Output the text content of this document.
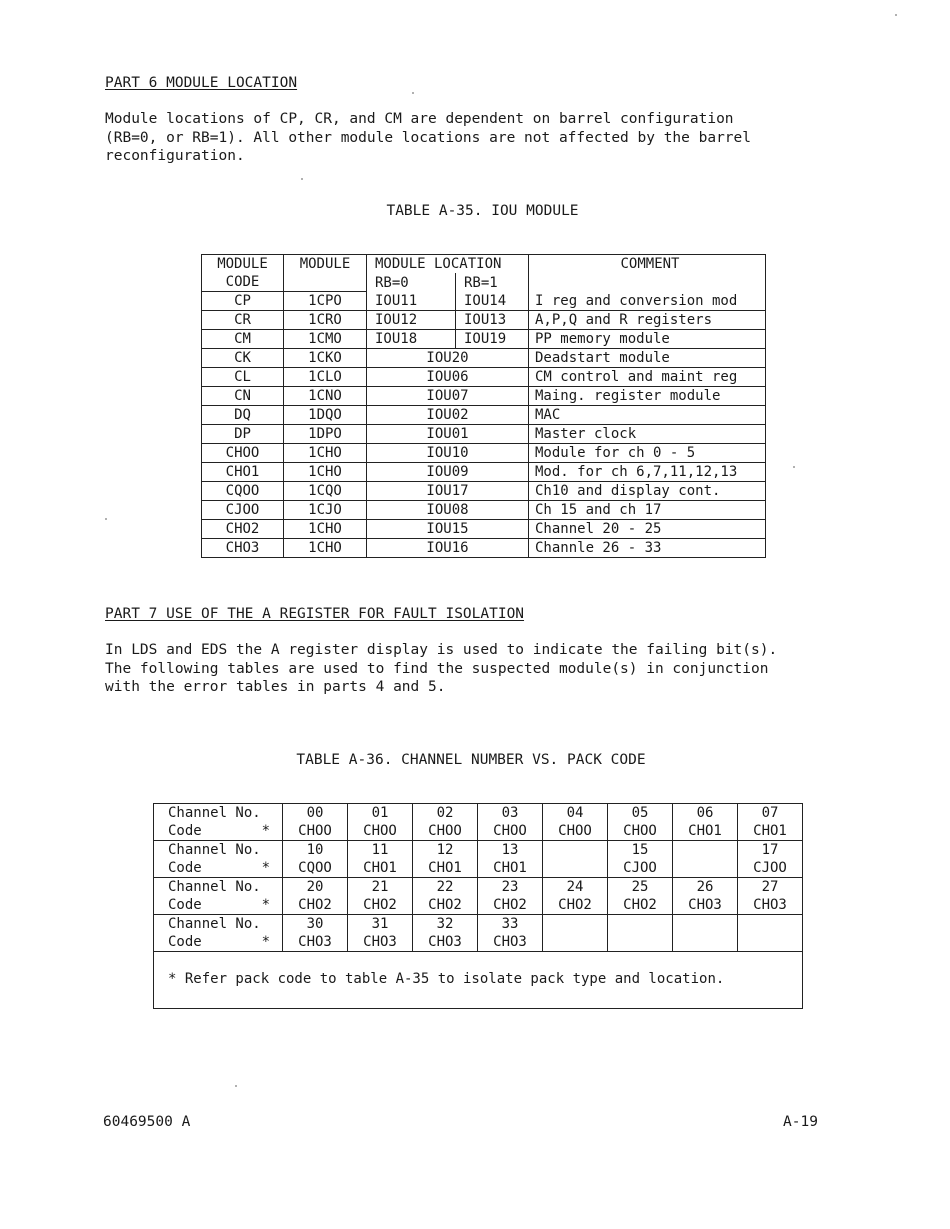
PART 6 MODULE LOCATION

Module locations of CP, CR, and CM are dependent on barrel configuration
(RB=0, or RB=1). All other module locations are not affected by the barrel
reconfiguration.

TABLE A-35. IOU MODULE

MODULE	MODULE	MODULE LOCATION		COMMENT
CODE		RB=0	RB=1	
CP	1CPO	IOU11	IOU14	I reg and conversion mod
CR	1CRO	IOU12	IOU13	A,P,Q and R registers
CM	1CMO	IOU18	IOU19	PP memory module
CK	1CKO	IOU20		Deadstart module
CL	1CLO	IOU06		CM control and maint reg
CN	1CNO	IOU07		Maing. register module
DQ	1DQO	IOU02		MAC
DP	1DPO	IOU01		Master clock
CHOO	1CHO	IOU10		Module for ch 0 - 5
CHO1	1CHO	IOU09		Mod. for ch 6,7,11,12,13
CQOO	1CQO	IOU17		Ch10 and display cont.
CJOO	1CJO	IOU08		Ch 15 and ch 17
CHO2	1CHO	IOU15		Channel 20 - 25
CHO3	1CHO	IOU16		Channle 26 - 33

PART 7 USE OF THE A REGISTER FOR FAULT ISOLATION

In LDS and EDS the A register display is used to indicate the failing bit(s).
The following tables are used to find the suspected module(s) in conjunction
with the error tables in parts 4 and 5.

TABLE A-36. CHANNEL NUMBER VS. PACK CODE

Channel No.	00	01	02	03	04	05	06	07

*
Code	CHOO	CHOO	CHOO	CHOO	CHOO	CHOO	CHO1	CHO1
Channel No.	10	11	12	13		15		17

*
Code	CQOO	CHO1	CHO1	CHO1		CJOO		CJOO
Channel No.	20	21	22	23	24	25	26	27

*
Code	CHO2	CHO2	CHO2	CHO2	CHO2	CHO2	CHO3	CHO3
Channel No.	30	31	32	33				

*
Code	CHO3	CHO3	CHO3	CHO3				

* Refer pack code to table A-35 to isolate pack type and location.								

60469500 A	A-19
